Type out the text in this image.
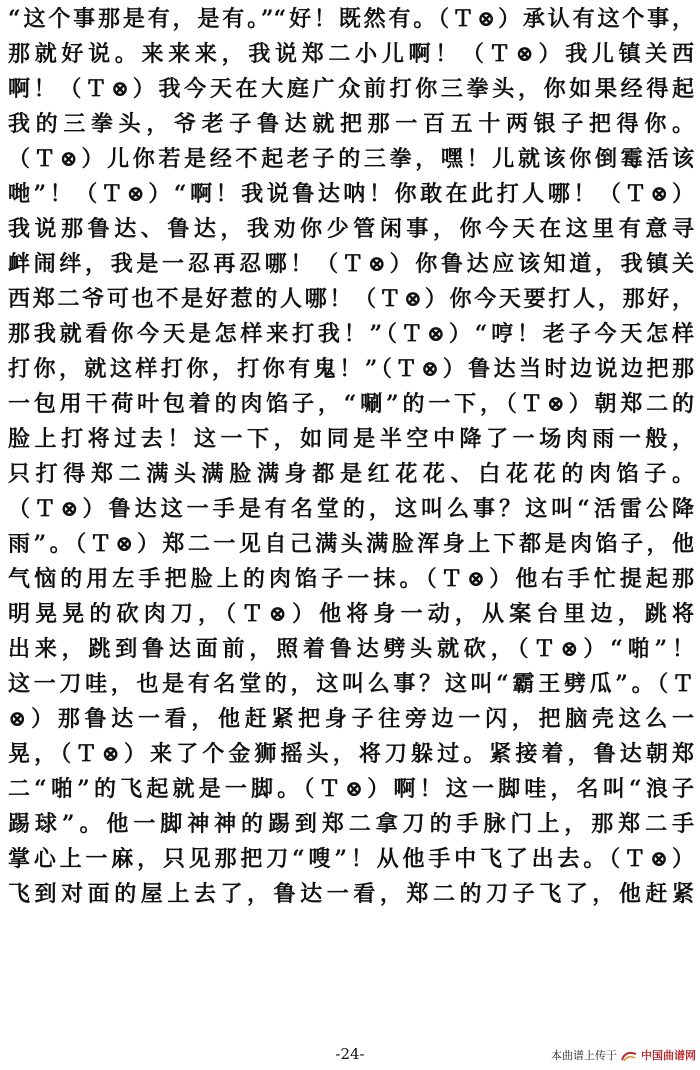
“这个事那是有，是有。”“好！既然有。（Ｔ⊗）承认有这个事，
那就好说。来来来，我说郑二小儿啊！（Ｔ⊗）我儿镇关西
啊！（Ｔ⊗）我今天在大庭广众前打你三拳头，你如果经得起
我的三拳头，爷老子鲁达就把那一百五十两银子把得你。
（Ｔ⊗）儿你若是经不起老子的三拳，嘿！儿就该你倒霉活该
哋”！（Ｔ⊗）“啊！我说鲁达呐！你敢在此打人哪！（Ｔ⊗）
我说那鲁达、鲁达，我劝你少管闲事，你今天在这里有意寻
衅闹绊，我是一忍再忍哪！（Ｔ⊗）你鲁达应该知道，我镇关
西郑二爷可也不是好惹的人哪！（Ｔ⊗）你今天要打人，那好，
那我就看你今天是怎样来打我！”（Ｔ⊗）“哼！老子今天怎样
打你，就这样打你，打你有鬼！”（Ｔ⊗）鲁达当时边说边把那
一包用干荷叶包着的肉馅子，“唰”的一下，（Ｔ⊗）朝郑二的
脸上打将过去！这一下，如同是半空中降了一场肉雨一般，
只打得郑二满头满脸满身都是红花花、白花花的肉馅子。
（Ｔ⊗）鲁达这一手是有名堂的，这叫么事？这叫“活雷公降
雨”。（Ｔ⊗）郑二一见自己满头满脸浑身上下都是肉馅子，他
气恼的用左手把脸上的肉馅子一抹。（Ｔ⊗）他右手忙提起那
明晃晃的砍肉刀，（Ｔ⊗）他将身一动，从案台里边，跳将
出来，跳到鲁达面前，照着鲁达劈头就砍，（Ｔ⊗）“啪”！
这一刀哇，也是有名堂的，这叫么事？这叫“霸王劈瓜”。（Ｔ
⊗）那鲁达一看，他赶紧把身子往旁边一闪，把脑壳这么一
晃，（Ｔ⊗）来了个金狮摇头，将刀躲过。紧接着，鲁达朝郑
二“啪”的飞起就是一脚。（Ｔ⊗）啊！这一脚哇，名叫“浪子
踢球”。他一脚神神的踢到郑二拿刀的手脉门上，那郑二手
掌心上一麻，只见那把刀“嗖”！从他手中飞了出去。（Ｔ⊗）
飞到对面的屋上去了，鲁达一看，郑二的刀子飞了，他赶紧
-24-	本曲谱上传于 中国曲谱网
